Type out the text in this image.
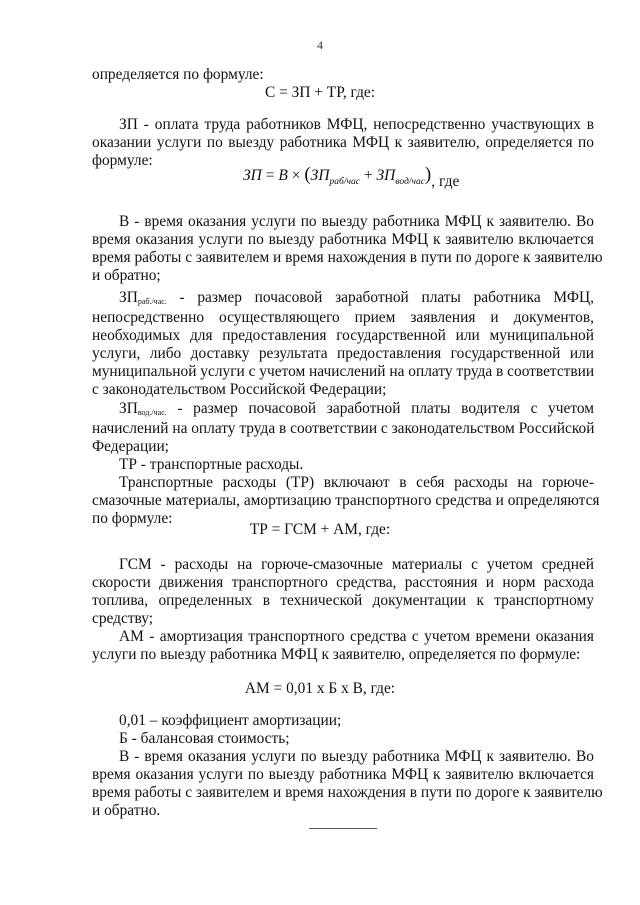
4
определяется по формуле:
С = ЗП + ТР, где:
ЗП - оплата труда работников МФЦ, непосредственно участвующих в
оказании услуги по выезду работника МФЦ к заявителю, определяется по
формуле:
ЗП = $В \times (ЗП_{раб/час} + ЗП_{вод/час})$, где
В - время оказания услуги по выезду работника МФЦ к заявителю. Во
время оказания услуги по выезду работника МФЦ к заявителю включается
время работы с заявителем и время нахождения в пути по дороге к заявителю
и обратно;
$ЗП_{раб./час.}$ - размер почасовой заработной платы работника МФЦ,
непосредственно осуществляющего прием заявления и документов,
необходимых для предоставления государственной или муниципальной
услуги, либо доставку результата предоставления государственной или
муниципальной услуги с учетом начислений на оплату труда в соответствии
с законодательством Российской Федерации;
$ЗП_{вод./час.}$ - размер почасовой заработной платы водителя с учетом
начислений на оплату труда в соответствии с законодательством Российской
Федерации;
ТР - транспортные расходы.
Транспортные расходы (ТР) включают в себя расходы на горюче-
смазочные материалы, амортизацию транспортного средства и определяются
по формуле:
ТР = ГСМ + АМ, где:
ГСМ - расходы на горюче-смазочные материалы с учетом средней
скорости движения транспортного средства, расстояния и норм расхода
топлива, определенных в технической документации к транспортному
средству;
АМ - амортизация транспортного средства с учетом времени оказания
услуги по выезду работника МФЦ к заявителю, определяется по формуле:
АМ = 0,01 х Б х В, где:
0,01 – коэффициент амортизации;
Б - балансовая стоимость;
В - время оказания услуги по выезду работника МФЦ к заявителю. Во
время оказания услуги по выезду работника МФЦ к заявителю включается
время работы с заявителем и время нахождения в пути по дороге к заявителю
и обратно.
